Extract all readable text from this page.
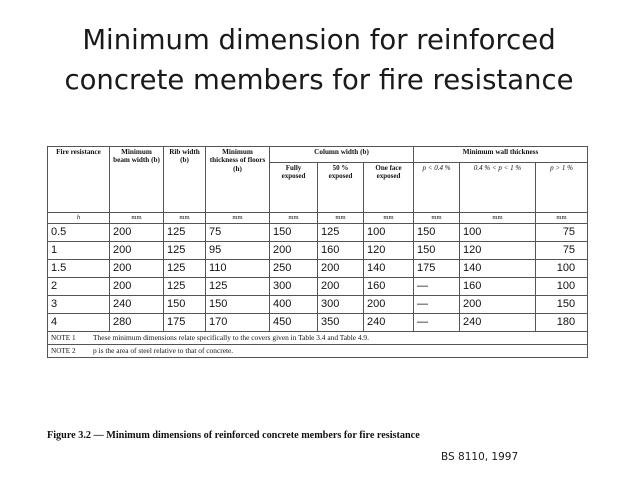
Minimum dimension for reinforced
concrete members for fire resistance
Fire resistance	Minimum beam width (b)	Rib width (b)	Minimum thickness of floors (h)	Column width (b)			Minimum wall thickness		
				Fully exposed	50 % exposed	One face exposed	p < 0.4 %	0.4 % < p < 1 %	p > 1 %
h	mm	mm	mm	mm	mm	mm	mm	mm	mm
0.5	200	125	75	150	125	100	150	100	75
1	200	125	95	200	160	120	150	120	75
1.5	200	125	110	250	200	140	175	140	100
2	200	125	125	300	200	160	—	160	100
3	240	150	150	400	300	200	—	200	150
4	280	175	170	450	350	240	—	240	180
NOTE 1 These minimum dimensions relate specifically to the covers given in Table 3.4 and Table 4.9.									
NOTE 2 p is the area of steel relative to that of concrete.									
Figure 3.2 — Minimum dimensions of reinforced concrete members for fire resistance
BS 8110, 1997
